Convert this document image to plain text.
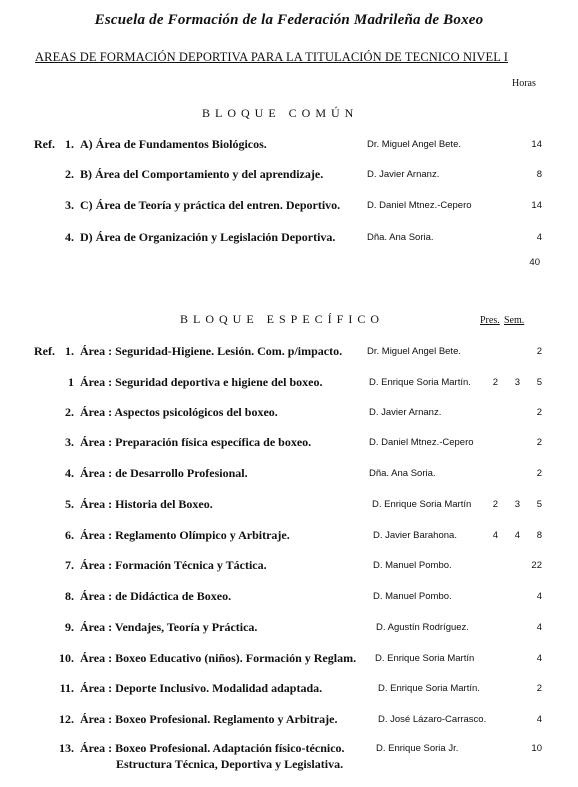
Escuela de Formación de la Federación Madrileña de Boxeo
AREAS DE FORMACIÓN DEPORTIVA PARA LA TITULACIÓN DE TECNICO NIVEL I
Horas
BLOQUE COMÚN
Ref. 1. A) Área de Fundamentos Biológicos.	Dr. Miguel Angel Bete.	14
2. B) Área del Comportamiento y del aprendizaje.	D. Javier Arnanz.	8
3. C) Área de Teoría y práctica del entren. Deportivo.	D. Daniel Mtnez.-Cepero	14
4. D) Área de Organización y Legislación Deportiva.	Dña. Ana Soria.	4
40
BLOQUE ESPECÍFICO	Pres. Sem.
Ref. 1. Área : Seguridad-Higiene. Lesión. Com. p/impacto.	Dr. Miguel Angel Bete.	2
1 Área : Seguridad deportiva e higiene del boxeo.	D. Enrique Soria Martín.	2	3	5
2. Área : Aspectos psicológicos del boxeo.	D. Javier Arnanz.	2
3. Área : Preparación física específica de boxeo.	D. Daniel Mtnez.-Cepero	2
4. Área : de Desarrollo Profesional.	Dña. Ana Soria.	2
5. Área : Historia del Boxeo.	D. Enrique Soria Martín	2	3	5
6. Área : Reglamento Olímpico y Arbitraje.	D. Javier Barahona.	4	4	8
7. Área : Formación Técnica y Táctica.	D. Manuel Pombo.	22
8. Área : de Didáctica de Boxeo.	D. Manuel Pombo.	4
9. Área : Vendajes, Teoría y Práctica.	D. Agustín Rodríguez.	4
10. Área : Boxeo Educativo (niños). Formación y Reglam. D. Enrique Soria Martín	4
11. Área : Deporte Inclusivo. Modalidad adaptada.	D. Enrique Soria Martín.	2
12. Área : Boxeo Profesional. Reglamento y Arbitraje.	D. José Lázaro-Carrasco.	4
13. Área : Boxeo Profesional. Adaptación físico-técnico.
Estructura Técnica, Deportiva y Legislativa.
D. Enrique Soria Jr.	10
